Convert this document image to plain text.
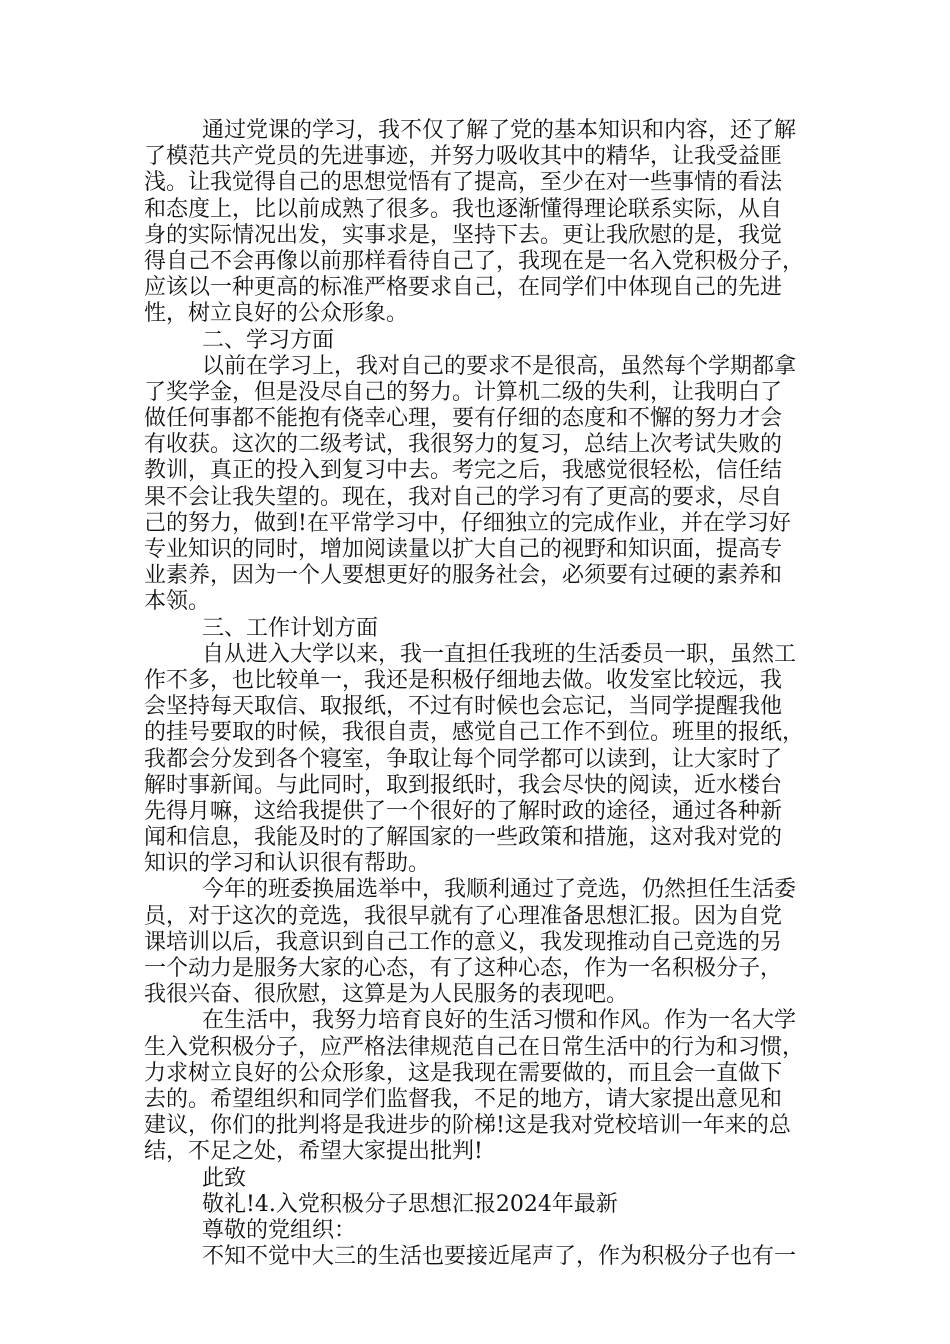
通过党课的学习，我不仅了解了党的基本知识和内容，还了解
了模范共产党员的先进事迹，并努力吸收其中的精华，让我受益匪
浅。让我觉得自己的思想觉悟有了提高，至少在对一些事情的看法
和态度上，比以前成熟了很多。我也逐渐懂得理论联系实际，从自
身的实际情况出发，实事求是，坚持下去。更让我欣慰的是，我觉
得自己不会再像以前那样看待自己了，我现在是一名入党积极分子，
应该以一种更高的标准严格要求自己，在同学们中体现自己的先进
性，树立良好的公众形象。
二、学习方面
以前在学习上，我对自己的要求不是很高，虽然每个学期都拿
了奖学金，但是没尽自己的努力。计算机二级的失利，让我明白了
做任何事都不能抱有侥幸心理，要有仔细的态度和不懈的努力才会
有收获。这次的二级考试，我很努力的复习，总结上次考试失败的
教训，真正的投入到复习中去。考完之后，我感觉很轻松，信任结
果不会让我失望的。现在，我对自己的学习有了更高的要求，尽自
己的努力，做到!在平常学习中，仔细独立的完成作业，并在学习好
专业知识的同时，增加阅读量以扩大自己的视野和知识面，提高专
业素养，因为一个人要想更好的服务社会，必须要有过硬的素养和
本领。
三、工作计划方面
自从进入大学以来，我一直担任我班的生活委员一职，虽然工
作不多，也比较单一，我还是积极仔细地去做。收发室比较远，我
会坚持每天取信、取报纸，不过有时候也会忘记，当同学提醒我他
的挂号要取的时候，我很自责，感觉自己工作不到位。班里的报纸，
我都会分发到各个寝室，争取让每个同学都可以读到，让大家时了
解时事新闻。与此同时，取到报纸时，我会尽快的阅读，近水楼台
先得月嘛，这给我提供了一个很好的了解时政的途径，通过各种新
闻和信息，我能及时的了解国家的一些政策和措施，这对我对党的
知识的学习和认识很有帮助。
今年的班委换届选举中，我顺利通过了竞选，仍然担任生活委
员，对于这次的竞选，我很早就有了心理准备思想汇报。因为自党
课培训以后，我意识到自己工作的意义，我发现推动自己竞选的另
一个动力是服务大家的心态，有了这种心态，作为一名积极分子，
我很兴奋、很欣慰，这算是为人民服务的表现吧。
在生活中，我努力培育良好的生活习惯和作风。作为一名大学
生入党积极分子，应严格法律规范自己在日常生活中的行为和习惯，
力求树立良好的公众形象，这是我现在需要做的，而且会一直做下
去的。希望组织和同学们监督我，不足的地方，请大家提出意见和
建议，你们的批判将是我进步的阶梯!这是我对党校培训一年来的总
结，不足之处，希望大家提出批判!
此致
敬礼!4.入党积极分子思想汇报2024年最新
尊敬的党组织：
不知不觉中大三的生活也要接近尾声了，作为积极分子也有一
